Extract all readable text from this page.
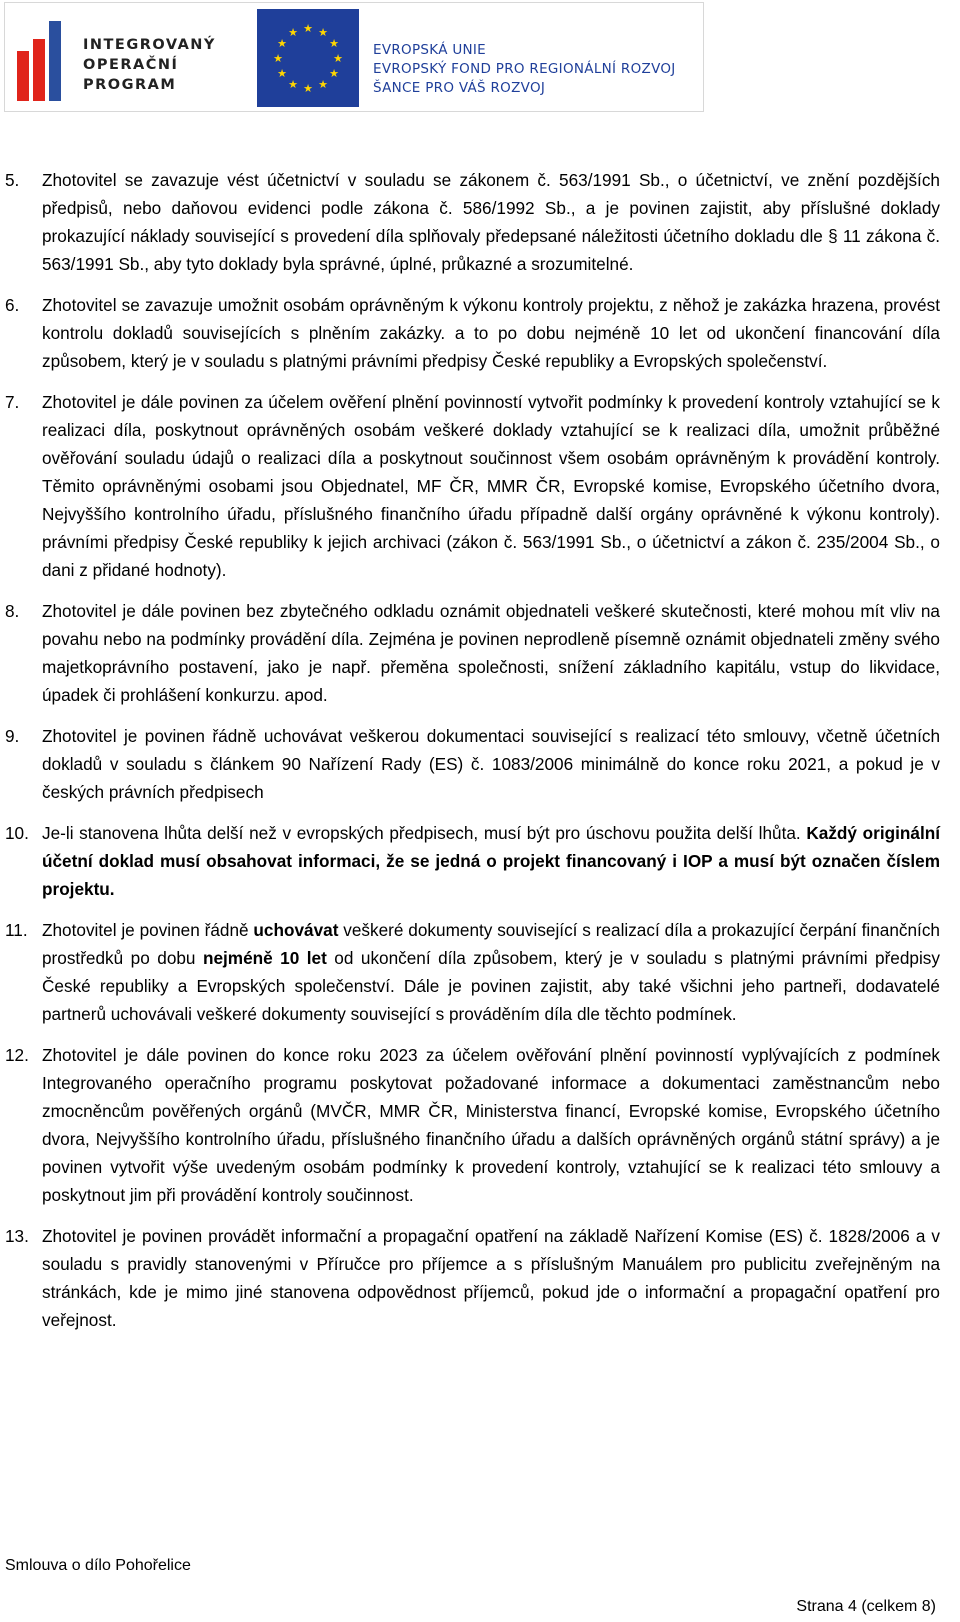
INTEGROVANÝ
OPERAČNÍ
PROGRAM
★ ★
★
★
★
★
★
★
★
★
★
★
EVROPSKÁ UNIE
EVROPSKÝ FOND PRO REGIONÁLNÍ ROZVOJ
ŠANCE PRO VÁŠ ROZVOJ
5. Zhotovitel se zavazuje vést účetnictví v souladu se zákonem č. 563/1991 Sb., o účetnictví, ve znění pozdějších předpisů, nebo daňovou evidenci podle zákona č. 586/1992 Sb., a je povinen zajistit, aby příslušné doklady prokazující náklady související s provedení díla splňovaly předepsané náležitosti účetního dokladu dle § 11 zákona č. 563/1991 Sb., aby tyto doklady byla správné, úplné, průkazné a srozumitelné.
6. Zhotovitel se zavazuje umožnit osobám oprávněným k výkonu kontroly projektu, z něhož je zakázka hrazena, provést kontrolu dokladů souvisejících s plněním zakázky. a to po dobu nejméně 10 let od ukončení financování díla způsobem, který je v souladu s platnými právními předpisy České republiky a Evropských společenství.
7. Zhotovitel je dále povinen za účelem ověření plnění povinností vytvořit podmínky k provedení kontroly vztahující se k realizaci díla, poskytnout oprávněných osobám veškeré doklady vztahující se k realizaci díla, umožnit průběžné ověřování souladu údajů o realizaci díla a poskytnout součinnost všem osobám oprávněným k provádění kontroly. Těmito oprávněnými osobami jsou Objednatel, MF ČR, MMR ČR, Evropské komise, Evropského účetního dvora, Nejvyššího kontrolního úřadu, příslušného finančního úřadu případně další orgány oprávněné k výkonu kontroly). právními předpisy České republiky k jejich archivaci (zákon č. 563/1991 Sb., o účetnictví a zákon č. 235/2004 Sb., o dani z přidané hodnoty).
8. Zhotovitel je dále povinen bez zbytečného odkladu oznámit objednateli veškeré skutečnosti, které mohou mít vliv na povahu nebo na podmínky provádění díla. Zejména je povinen neprodleně písemně oznámit objednateli změny svého majetkoprávního postavení, jako je např. přeměna společnosti, snížení základního kapitálu, vstup do likvidace, úpadek či prohlášení konkurzu. apod.
9. Zhotovitel je povinen řádně uchovávat veškerou dokumentaci související s realizací této smlouvy, včetně účetních dokladů v souladu s článkem 90 Nařízení Rady (ES) č. 1083/2006 minimálně do konce roku 2021, a pokud je v českých právních předpisech
10. Je-li stanovena lhůta delší než v evropských předpisech, musí být pro úschovu použita delší lhůta. Každý originální účetní doklad musí obsahovat informaci, že se jedná o projekt financovaný i IOP a musí být označen číslem projektu.
11. Zhotovitel je povinen řádně uchovávat veškeré dokumenty související s realizací díla a prokazující čerpání finančních prostředků po dobu nejméně 10 let od ukončení díla způsobem, který je v souladu s platnými právními předpisy České republiky a Evropských společenství. Dále je povinen zajistit, aby také všichni jeho partneři, dodavatelé partnerů uchovávali veškeré dokumenty související s prováděním díla dle těchto podmínek.
12. Zhotovitel je dále povinen do konce roku 2023 za účelem ověřování plnění povinností vyplývajících z podmínek Integrovaného operačního programu poskytovat požadované informace a dokumentaci zaměstnancům nebo zmocněncům pověřených orgánů (MVČR, MMR ČR, Ministerstva financí, Evropské komise, Evropského účetního dvora, Nejvyššího kontrolního úřadu, příslušného finančního úřadu a dalších oprávněných orgánů státní správy) a je povinen vytvořit výše uvedeným osobám podmínky k provedení kontroly, vztahující se k realizaci této smlouvy a poskytnout jim při provádění kontroly součinnost.
13. Zhotovitel je povinen provádět informační a propagační opatření na základě Nařízení Komise (ES) č. 1828/2006 a v souladu s pravidly stanovenými v Příručce pro příjemce a s příslušným Manuálem pro publicitu zveřejněným na stránkách, kde je mimo jiné stanovena odpovědnost příjemců, pokud jde o informační a propagační opatření pro veřejnost.
Smlouva o dílo Pohořelice
Strana 4 (celkem 8)
